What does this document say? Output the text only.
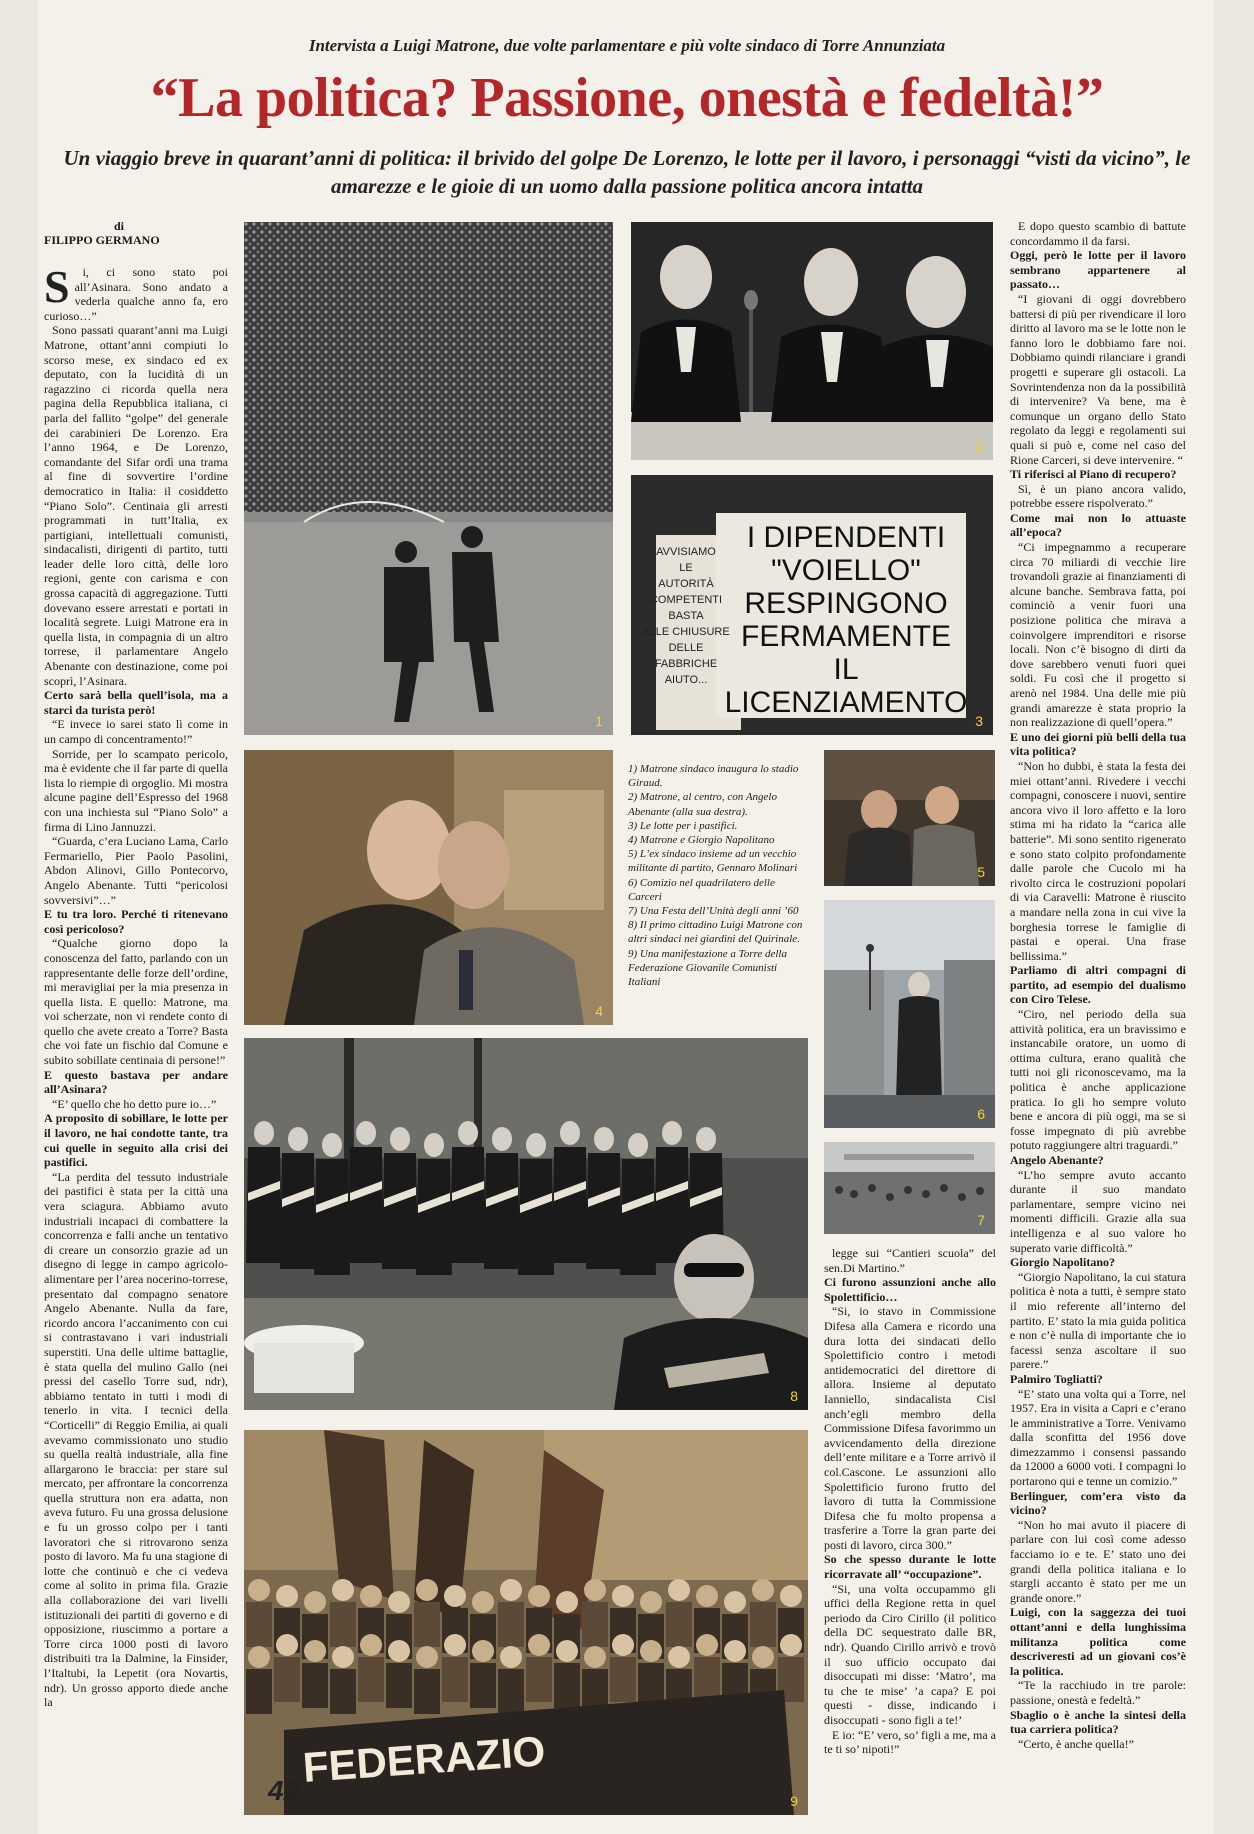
Intervista a Luigi Matrone, due volte parlamentare e più volte sindaco di Torre Annunziata
“La politica? Passione, onestà e fedeltà!”
Un viaggio breve in quarant’anni di politica: il brivido del golpe De Lorenzo, le lotte per il lavoro, i personaggi “visti da vicino”, le amarezze e le gioie di un uomo dalla passione politica ancora intatta
di
FILIPPO GERMANO
S	i, ci sono stato poi all’Asinara. Sono andato a vederla qualche anno fa, ero curioso…”

Sono passati quarant’anni ma Luigi Matrone, ottant’anni compiuti lo scorso mese, ex sindaco ed ex deputato, con la lucidità di un ragazzino ci ricorda quella nera pagina della Repubblica italiana, ci parla del fallito “golpe” del generale dei carabinieri De Lorenzo. Era l’anno 1964, e De Lorenzo, comandante del Sifar ordì una trama al fine di sovvertire l’ordine democratico in Italia: il cosiddetto “Piano Solo”. Centinaia gli arresti programmati in tutt’Italia, ex partigiani, intellettuali comunisti, sindacalisti, dirigenti di partito, tutti leader delle loro città, delle loro regioni, gente con carisma e con grossa capacità di aggregazione. Tutti dovevano essere arrestati e portati in località segrete. Luigi Matrone era in quella lista, in compagnia di un altro torrese, il parlamentare Angelo Abenante con destinazione, come poi scoprì, l’Asinara.

Certo sarà bella quell’isola, ma a starci da turista però!

“E invece io sarei stato lì come in un campo di concentramento!”

Sorride, per lo scampato pericolo, ma è evidente che il far parte di quella lista lo riempie di orgoglio. Mi mostra alcune pagine dell’Espresso del 1968 con una inchiesta sul “Piano Solo” a firma di Lino Jannuzzi.

“Guarda, c’era Luciano Lama, Carlo Fermariello, Pier Paolo Pasolini, Abdon Alinovi, Gillo Pontecorvo, Angelo Abenante. Tutti “pericolosi sovversivi”…”

E tu tra loro. Perché ti ritenevano così pericoloso?

“Qualche giorno dopo la conoscenza del fatto, parlando con un rappresentante delle forze dell’ordine, mi meravigliai per la mia presenza in quella lista. E quello: Matrone, ma voi scherzate, non vi rendete conto di quello che avete creato a Torre? Basta che voi fate un fischio dal Comune e subito sobillate centinaia di persone!”

E questo bastava per andare all’Asinara?

“E’ quello che ho detto pure io…”

A proposito di sobillare, le lotte per il lavoro, ne hai condotte tante, tra cui quelle in seguito alla crisi dei pastifici.

“La perdita del tessuto industriale dei pastifici è stata per la città una vera sciagura. Abbiamo avuto industriali incapaci di combattere la concorrenza e falli anche un tentativo di creare un consorzio grazie ad un disegno di legge in campo agricolo-alimentare per l’area nocerino-torrese, presentato dal compagno senatore Angelo Abenante. Nulla da fare, ricordo ancora l’accanimento con cui si contrastavano i vari industriali superstiti. Una delle ultime battaglie, è stata quella del mulino Gallo (nei pressi del casello Torre sud, ndr), abbiamo tentato in tutti i modi di tenerlo in vita. I tecnici della “Corticelli” di Reggio Emilia, ai quali avevamo commissionato uno studio su quella realtà industriale, alla fine allargarono le braccia: per stare sul mercato, per affrontare la concorrenza quella struttura non era adatta, non aveva futuro. Fu una grossa delusione e fu un grosso colpo per i tanti lavoratori che si ritrovarono senza posto di lavoro. Ma fu una stagione di lotte che continuò e che ci vedeva come al solito in prima fila. Grazie alla collaborazione dei vari livelli istituzionali dei partiti di governo e di opposizione, riuscimmo a portare a Torre circa 1000 posti di lavoro distribuiti tra la Dalmine, la Finsider, l’Italtubi, la Lepetit (ora Novartis, ndr). Un grosso apporto diede anche la

1
2
AVVISIAMO
LE
AUTORITÀ
COMPETENTI
BASTA
ALLE CHIUSURE
DELLE
FABBRICHE
AIUTO...
I DIPENDENTI
"VOIELLO"
RESPINGONO
FERMAMENTE
IL
LICENZIAMENTO
3
4
1) Matrone sindaco inaugura lo stadio Giraud.
2) Matrone, al centro, con Angelo Abenante (alla sua destra).
3) Le lotte per i pastifici.
4) Matrone e Giorgio Napolitano
5) L’ex sindaco insieme ad un vecchio militante di partito, Gennaro Molinari
6) Comizio nel quadrilatero delle Carceri
7) Una Festa dell’Unità degli anni ’60
8) Il primo cittadino Luigi Matrone con altri sindaci nei giardini del Quirinale.
9) Una manifestazione a Torre della Federazione Giovanile Comunisti Italiani
5
6
7
8
FEDERAZIO
9
42

legge sui “Cantieri scuola” del sen.Di Martino.”

Ci furono assunzioni anche allo Spolettificio…

“Si, io stavo in Commissione Difesa alla Camera e ricordo una dura lotta dei sindacati dello Spolettificio contro i metodi antidemocratici del direttore di allora. Insieme al deputato Ianniello, sindacalista Cisl anch’egli membro della Commissione Difesa favorimmo un avvicendamento della direzione dell’ente militare e a Torre arrivò il col.Cascone. Le assunzioni allo Spolettificio furono frutto del lavoro di tutta la Commissione Difesa che fu molto propensa a trasferire a Torre la gran parte dei posti di lavoro, circa 300.”

So che spesso durante le lotte ricorravate all’ “occupazione”.

“Si, una volta occupammo gli uffici della Regione retta in quel periodo da Ciro Cirillo (il politico della DC sequestrato dalle BR, ndr). Quando Cirillo arrivò e trovò il suo ufficio occupato dai disoccupati mi disse: ‘Matro’, ma tu che te mise’ ’a capa? E poi questi - disse, indicando i disoccupati - sono figli a te!’

E io: “E’ vero, so’ figli a me, ma a te ti so’ nipoti!”

E dopo questo scambio di battute concordammo il da farsi.

Oggi, però le lotte per il lavoro sembrano appartenere al passato…

“I giovani di oggi dovrebbero battersi di più per rivendicare il loro diritto al lavoro ma se le lotte non le fanno loro le dobbiamo fare noi. Dobbiamo quindi rilanciare i grandi progetti e superare gli ostacoli. La Sovrintendenza non da la possibilità di intervenire? Va bene, ma è comunque un organo dello Stato regolato da leggi e regolamenti sui quali si può e, come nel caso del Rione Carceri, si deve intervenire. “

Ti riferisci al Piano di recupero?

Sì, è un piano ancora valido, potrebbe essere rispolverato.”

Come mai non lo attuaste all’epoca?

“Ci impegnammo a recuperare circa 70 miliardi di vecchie lire trovandoli grazie ai finanziamenti di alcune banche. Sembrava fatta, poi cominciò a venir fuori una posizione politica che mirava a coinvolgere imprenditori e risorse locali. Non c’è bisogno di dirti da dove sarebbero venuti fuori quei soldi. Fu così che il progetto si arenò nel 1984. Una delle mie più grandi amarezze è stata proprio la non realizzazione di quell’opera.”

E uno dei giorni più belli della tua vita politica?

“Non ho dubbi, è stata la festa dei miei ottant’anni. Rivedere i vecchi compagni, conoscere i nuovi, sentire ancora vivo il loro affetto e la loro stima mi ha ridato la “carica alle batterie”. Mi sono sentito rigenerato e sono stato colpito profondamente dalle parole che Cucolo mi ha rivolto circa le costruzioni popolari di via Caravelli: Matrone è riuscito a mandare nella zona in cui vive la borghesia torrese le famiglie di pastai e operai. Una frase bellissima.”

Parliamo di altri compagni di partito, ad esempio del dualismo con Ciro Telese.

“Ciro, nel periodo della sua attività politica, era un bravissimo e instancabile oratore, un uomo di ottima cultura, erano qualità che tutti noi gli riconoscevamo, ma la politica è anche applicazione pratica. Io gli ho sempre voluto bene e ancora di più oggi, ma se si fosse impegnato di più avrebbe potuto raggiungere altri traguardi.”

Angelo Abenante?

“L’ho sempre avuto accanto durante il suo mandato parlamentare, sempre vicino nei momenti difficili. Grazie alla sua intelligenza e al suo valore ho superato varie difficoltà.”

Giorgio Napolitano?

“Giorgio Napolitano, la cui statura politica è nota a tutti, è sempre stato il mio referente all’interno del partito. E’ stato la mia guida politica e non c’è nulla di importante che io facessi senza ascoltare il suo parere.”

Palmiro Togliatti?

“E’ stato una volta qui a Torre, nel 1957. Era in visita a Capri e c’erano le amministrative a Torre. Venivamo dalla sconfitta del 1956 dove dimezzammo i consensi passando da 12000 a 6000 voti. I compagni lo portarono qui e tenne un comizio.”

Berlinguer, com’era visto da vicino?

“Non ho mai avuto il piacere di parlare con lui così come adesso facciamo io e te. E’ stato uno dei grandi della politica italiana e lo stargli accanto è stato per me un grande onore.”

Luigi, con la saggezza dei tuoi ottant’anni e della lunghissima militanza politica come descriveresti ad un giovani cos’è la politica.

“Te la racchiudo in tre parole: passione, onestà e fedeltà.”

Sbaglio o è anche la sintesi della tua carriera politica?

“Certo, è anche quella!”
